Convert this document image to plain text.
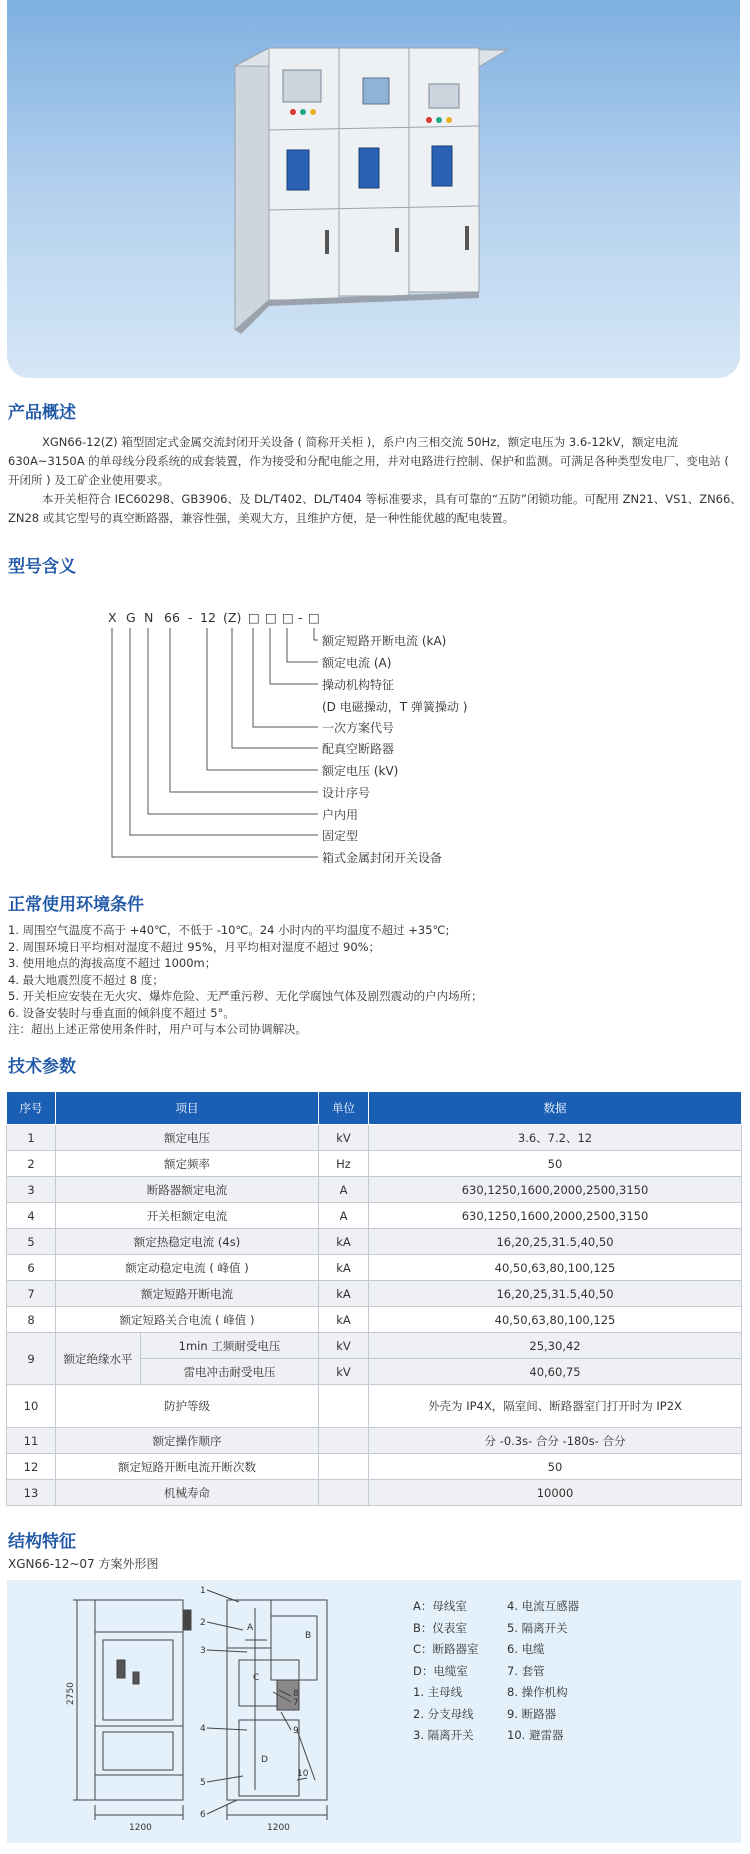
产品概述

XGN66-12(Z) 箱型固定式金属交流封闭开关设备 ( 简称开关柜 )，系户内三相交流 50Hz，额定电压为 3.6-12kV，额定电流 630A~3150A 的单母线分段系统的成套装置，作为接受和分配电能之用，并对电路进行控制、保护和监测。可满足各种类型发电厂、变电站 ( 开闭所 ) 及工矿企业使用要求。

本开关柜符合 IEC60298、GB3906、及 DL/T402、DL/T404 等标准要求，具有可靠的“五防”闭锁功能。可配用 ZN21、VS1、ZN66、ZN28 或其它型号的真空断路器，兼容性强，美观大方，且维护方便，是一种性能优越的配电装置。

型号含义
X G N 66 - 12 (Z) □ □ □ - □
额定短路开断电流 (kA)
额定电流 (A)
操动机构特征
(D 电磁操动，T 弹簧操动 )
一次方案代号
配真空断路器
额定电压 (kV)
设计序号
户内用
固定型
箱式金属封闭开关设备
正常使用环境条件
1. 周围空气温度不高于 +40℃，不低于 -10℃。24 小时内的平均温度不超过 +35℃;
2. 周围环境日平均相对湿度不超过 95%，月平均相对湿度不超过 90%；
3. 使用地点的海拔高度不超过 1000m；
4. 最大地震烈度不超过 8 度；
5. 开关柜应安装在无火灾、爆炸危险、无严重污秽、无化学腐蚀气体及剧烈震动的户内场所；
6. 设备安装时与垂直面的倾斜度不超过 5°。
注：超出上述正常使用条件时，用户可与本公司协调解决。
技术参数
序号	项目		单位	数据
1	额定电压		kV	3.6、7.2、12
2	额定频率		Hz	50
3	断路器额定电流		A	630,1250,1600,2000,2500,3150
4	开关柜额定电流		A	630,1250,1600,2000,2500,3150
5	额定热稳定电流 (4s)		kA	16,20,25,31.5,40,50
6	额定动稳定电流 ( 峰值 )		kA	40,50,63,80,100,125
7	额定短路开断电流		kA	16,20,25,31.5,40,50
8	额定短路关合电流 ( 峰值 )		kA	40,50,63,80,100,125
9	额定绝缘水平	1min 工频耐受电压	kV	25,30,42
		雷电冲击耐受电压	kV	40,60,75
10	防护等级			外壳为 IP4X，隔室间、断路器室门打开时为 IP2X
11	额定操作顺序			分 -0.3s- 合分 -180s- 合分
12	额定短路开断电流开断次数			50
13	机械寿命			10000
结构特征
XGN66-12~07 方案外形图
2750
1200	1200
1
2
3
4
5
6
7
8
9
10
A
B
C
D
A：母线室
B：仪表室
C：断路器室
D：电缆室
1. 主母线
2. 分支母线
3. 隔离开关
4. 电流互感器
5. 隔离开关
6. 电缆
7. 套管
8. 操作机构
9. 断路器
10. 避雷器
